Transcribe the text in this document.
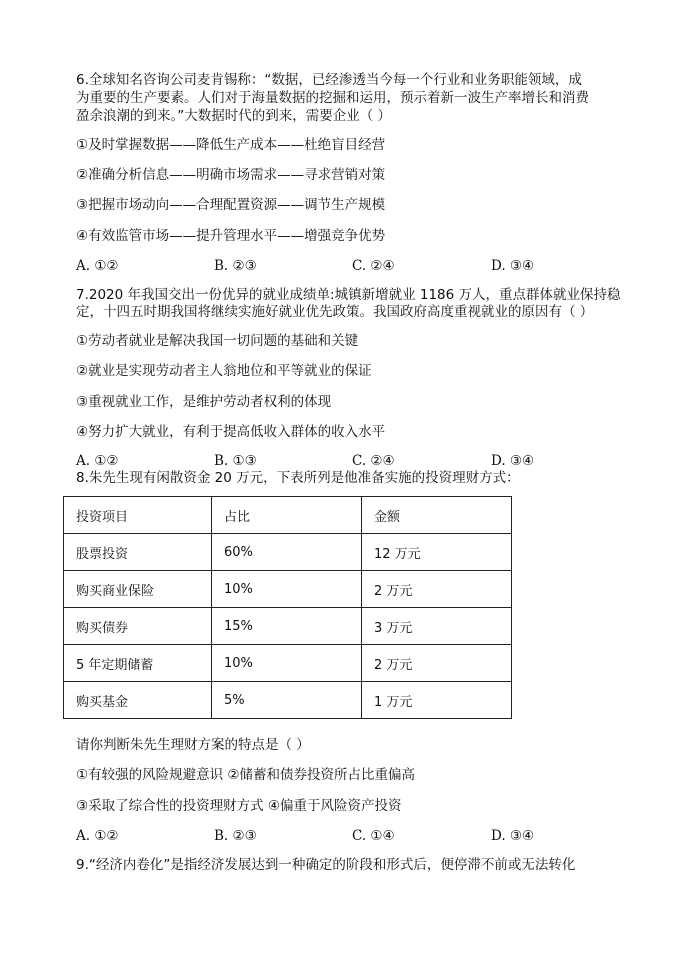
6.全球知名咨询公司麦肯锡称：“数据，已经渗透当今每一个行业和业务职能领域，成
为重要的生产要素。人们对于海量数据的挖掘和运用，预示着新一波生产率增长和消费
盈余浪潮的到来。”大数据时代的到来，需要企业（ ）
①及时掌握数据——降低生产成本——杜绝盲目经营
②准确分析信息——明确市场需求——寻求营销对策
③把握市场动向——合理配置资源——调节生产规模
④有效监管市场——提升管理水平——增强竞争优势
A. ①②	B. ②③	C. ②④	D. ③④
7.2020 年我国交出一份优异的就业成绩单:城镇新增就业 1186 万人，重点群体就业保持稳
定，十四五时期我国将继续实施好就业优先政策。我国政府高度重视就业的原因有（ ）
①劳动者就业是解决我国一切问题的基础和关键
②就业是实现劳动者主人翁地位和平等就业的保证
③重视就业工作，是维护劳动者权利的体现
④努力扩大就业，有利于提高低收入群体的收入水平
A. ①②	B. ①③	C. ②④	D. ③④
8.朱先生现有闲散资金 20 万元，下表所列是他准备实施的投资理财方式：
投资项目	占比	金额
股票投资	60%	12 万元
购买商业保险	10%	2 万元
购买债券	15%	3 万元
5 年定期储蓄	10%	2 万元
购买基金	5%	1 万元
请你判断朱先生理财方案的特点是（ ）
①有较强的风险规避意识 ②储蓄和债券投资所占比重偏高
③采取了综合性的投资理财方式 ④偏重于风险资产投资
A. ①②	B. ②③	C. ①④	D. ③④
9.“经济内卷化”是指经济发展达到一种确定的阶段和形式后，便停滞不前或无法转化
